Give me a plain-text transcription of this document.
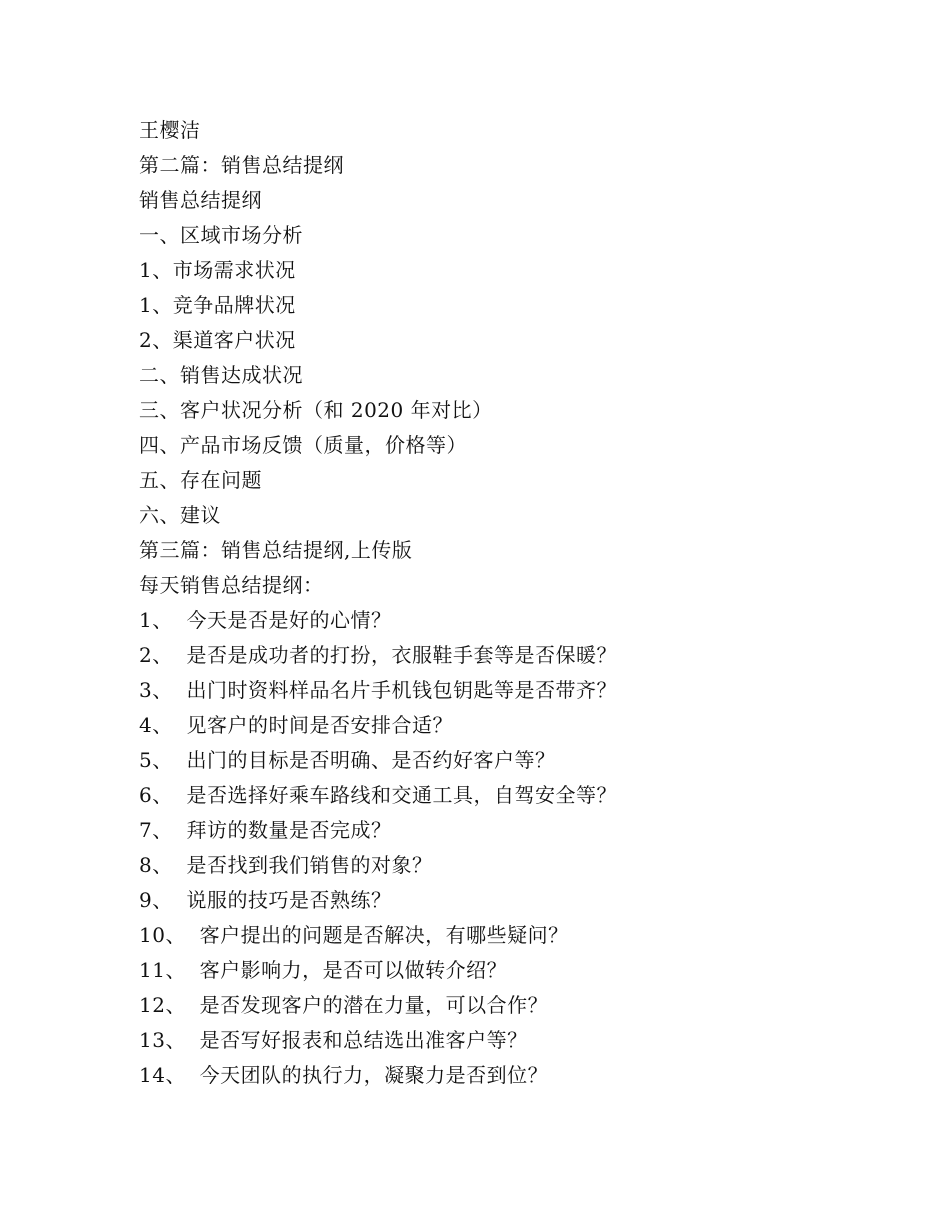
王樱洁
第二篇：销售总结提纲
销售总结提纲
一、区域市场分析
1、市场需求状况
1、竞争品牌状况
2、渠道客户状况
二、销售达成状况
三、客户状况分析（和 2020 年对比）
四、产品市场反馈（质量，价格等）
五、存在问题
六、建议
第三篇：销售总结提纲,上传版
每天销售总结提纲：
1、  今天是否是好的心情？
2、  是否是成功者的打扮，衣服鞋手套等是否保暖？
3、  出门时资料样品名片手机钱包钥匙等是否带齐？
4、  见客户的时间是否安排合适？
5、  出门的目标是否明确、是否约好客户等？
6、  是否选择好乘车路线和交通工具，自驾安全等？
7、  拜访的数量是否完成？
8、  是否找到我们销售的对象？
9、  说服的技巧是否熟练？
10、  客户提出的问题是否解决，有哪些疑问？
11、  客户影响力，是否可以做转介绍？
12、  是否发现客户的潜在力量，可以合作？
13、  是否写好报表和总结选出准客户等？
14、  今天团队的执行力，凝聚力是否到位？
